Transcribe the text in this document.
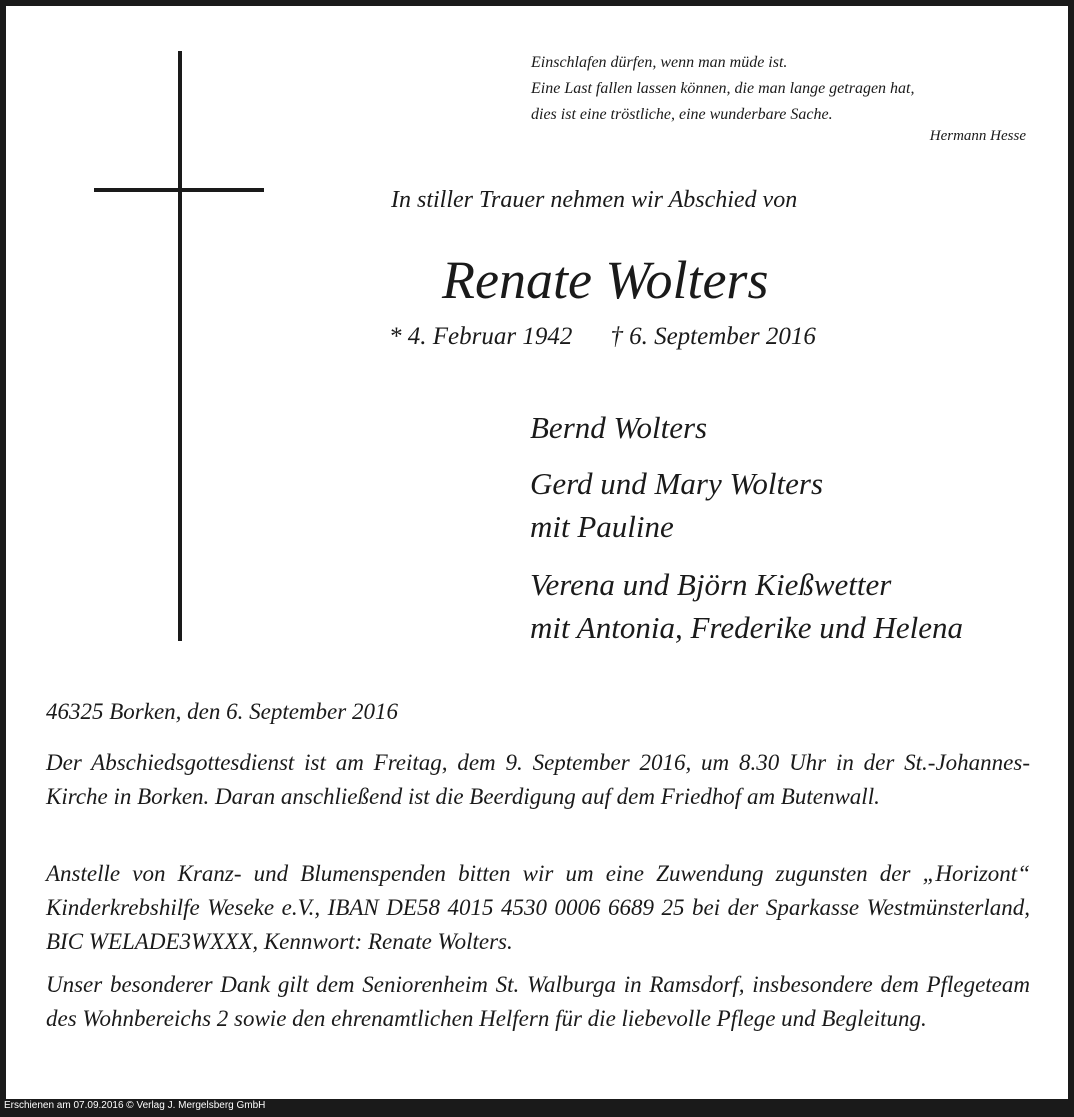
Einschlafen dürfen, wenn man müde ist.
Eine Last fallen lassen können, die man lange getragen hat,
dies ist eine tröstliche, eine wunderbare Sache.
Hermann Hesse
In stiller Trauer nehmen wir Abschied von
Renate Wolters
* 4. Februar 1942 † 6. September 2016
Bernd Wolters
Gerd und Mary Wolters
mit Pauline
Verena und Björn Kießwetter
mit Antonia, Frederike und Helena
46325 Borken, den 6. September 2016
Der Abschiedsgottesdienst ist am Freitag, dem 9. September 2016, um 8.30 Uhr in der St.-Johannes-Kirche in Borken. Daran anschließend ist die Beerdigung auf dem Friedhof am Butenwall.
Anstelle von Kranz- und Blumenspenden bitten wir um eine Zuwendung zugunsten der „Horizont“ Kinderkrebshilfe Weseke e.V., IBAN DE58 4015 4530 0006 6689 25 bei der Sparkasse Westmünsterland, BIC WELADE3WXXX, Kennwort: Renate Wolters.
Unser besonderer Dank gilt dem Seniorenheim St. Walburga in Ramsdorf, insbesondere dem Pflegeteam des Wohnbereichs 2 sowie den ehrenamtlichen Helfern für die liebevolle Pflege und Begleitung.
Erschienen am 07.09.2016 © Verlag J. Mergelsberg GmbH
